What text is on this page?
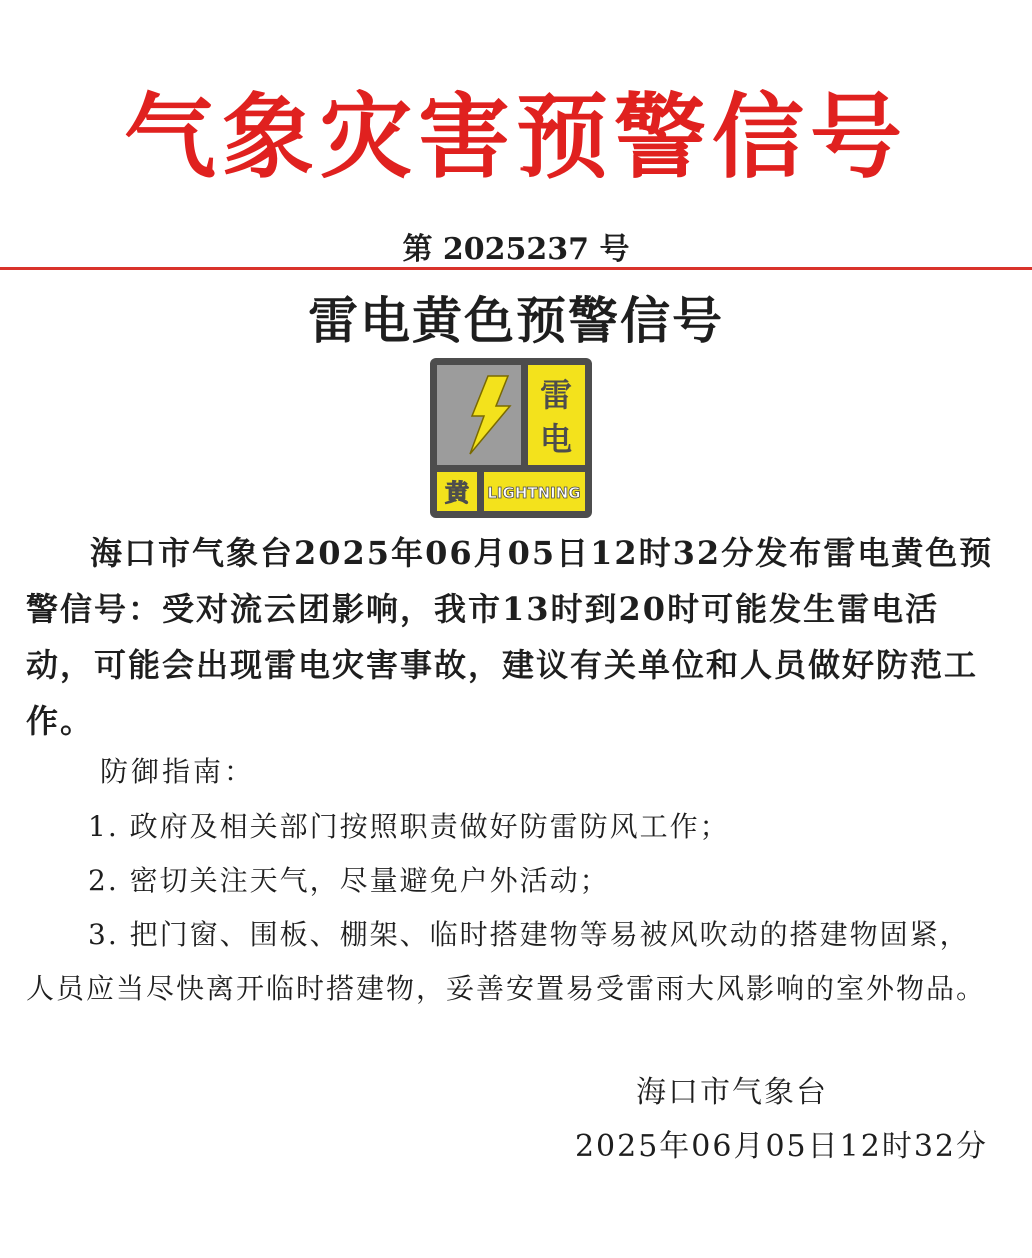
气象灾害预警信号
第 2025237 号
雷电黄色预警信号
雷
电
黄 LIGHTNING

海口市气象台2025年06月05日12时32分发布雷电黄色预警信号：受对流云团影响，我市13时到20时可能发生雷电活动，可能会出现雷电灾害事故，建议有关单位和人员做好防范工作。

防御指南：
1. 政府及相关部门按照职责做好防雷防风工作；
2. 密切关注天气，尽量避免户外活动；
3. 把门窗、围板、棚架、临时搭建物等易被风吹动的搭建物固紧， 人员应当尽快离开临时搭建物，妥善安置易受雷雨大风影响的室外物品。
海口市气象台
2025年06月05日12时32分
